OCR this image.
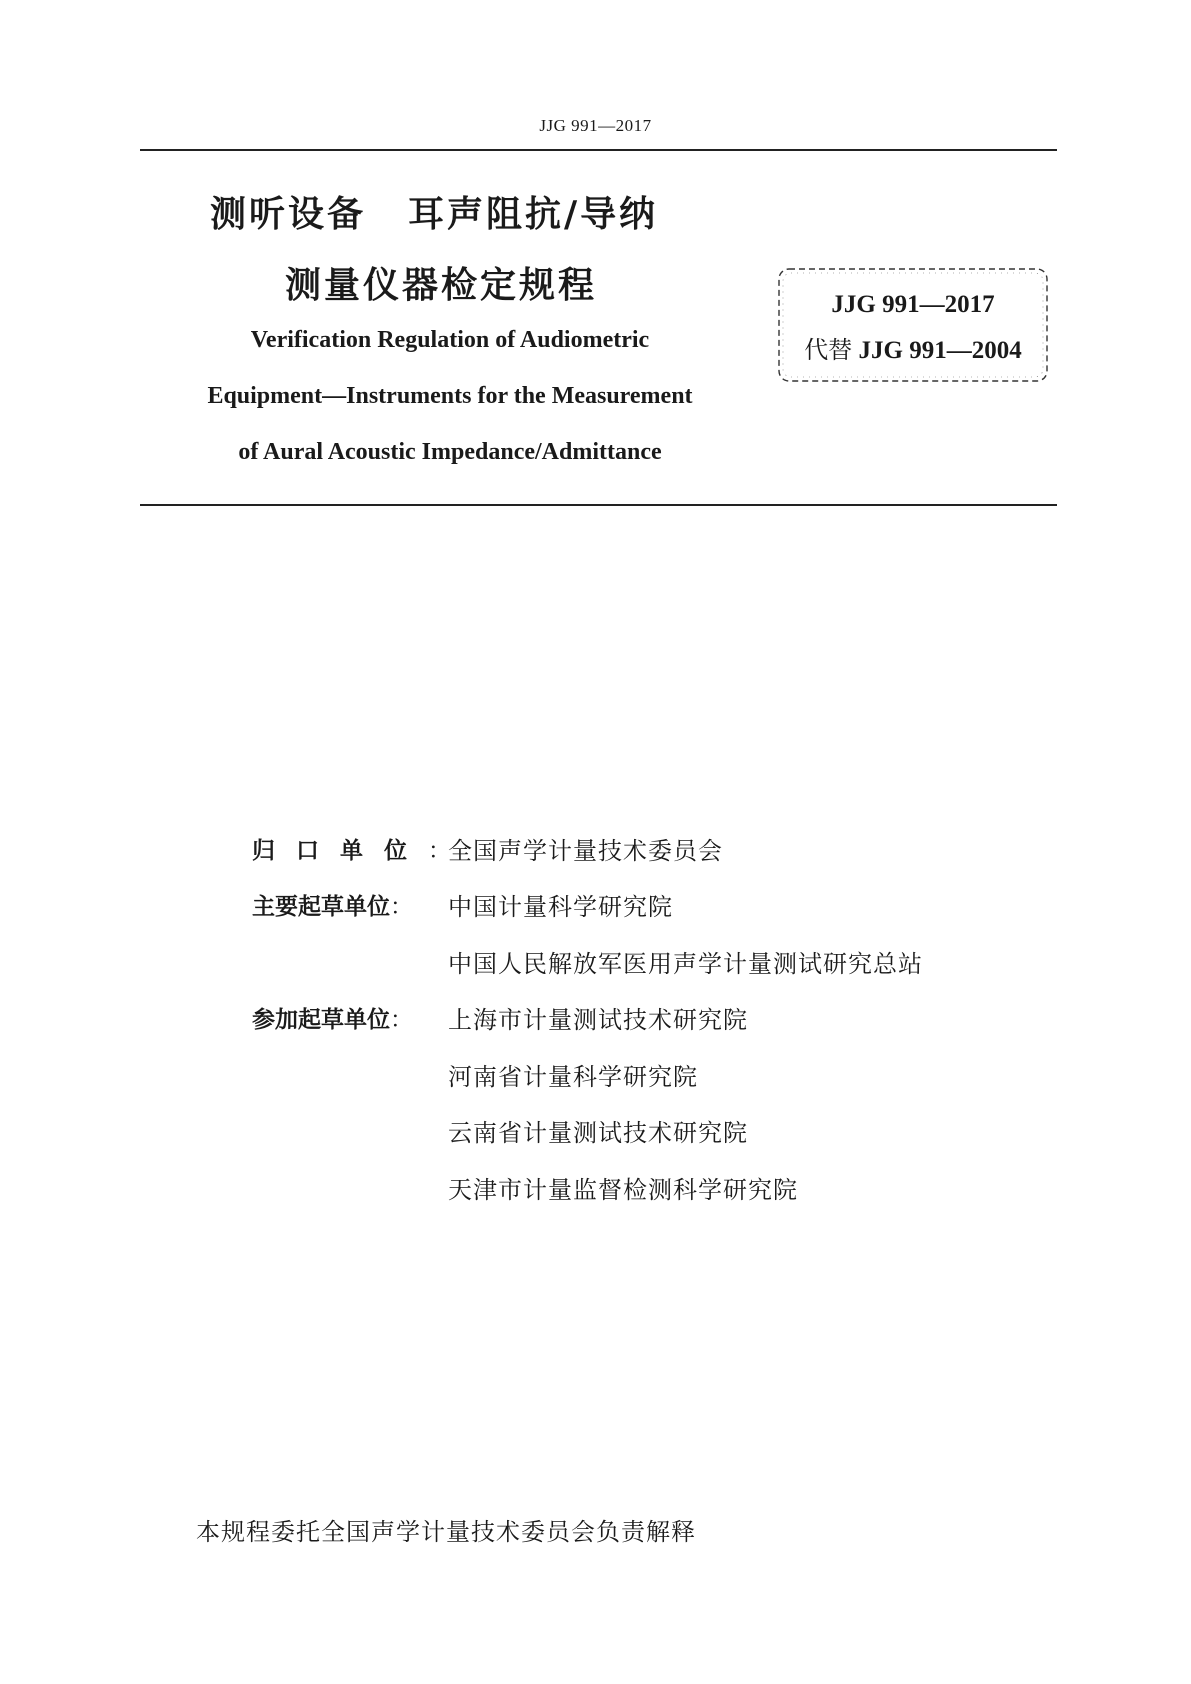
JJG 991—2017
测听设备 耳声阻抗/导纳
测量仪器检定规程
Verification Regulation of Audiometric
Equipment—Instruments for the Measurement
of Aural Acoustic Impedance/Admittance
JJG 991—2017
代替 JJG 991—2004
归 口 单 位 ：
全国声学计量技术委员会
主要起草单位： 中国计量科学研究院
中国人民解放军医用声学计量测试研究总站
参加起草单位： 上海市计量测试技术研究院
河南省计量科学研究院
云南省计量测试技术研究院
天津市计量监督检测科学研究院
本规程委托全国声学计量技术委员会负责解释
